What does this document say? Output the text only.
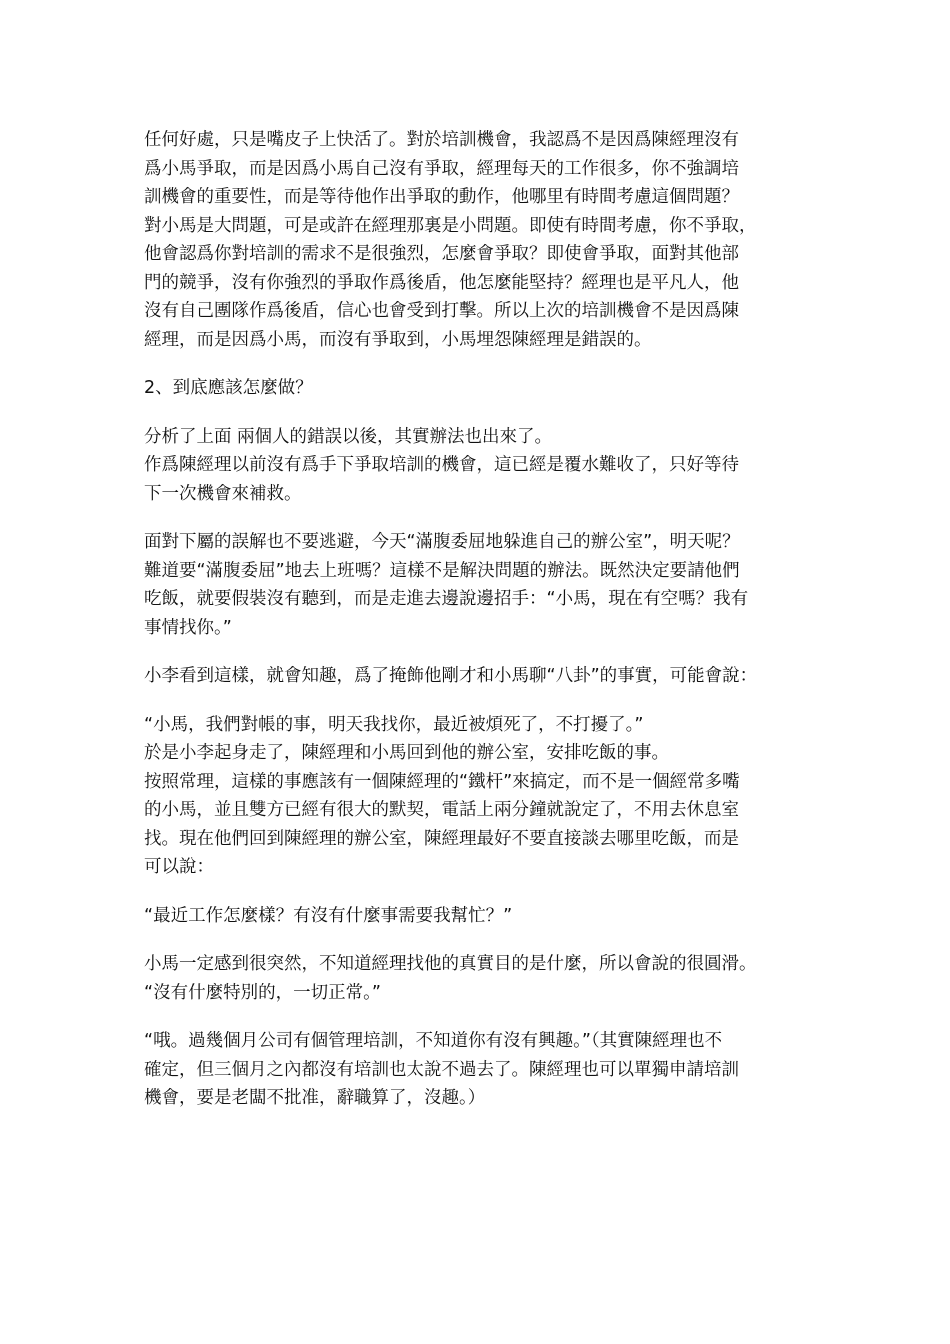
任何好處，只是嘴皮子上快活了。對於培訓機會，我認爲不是因爲陳經理沒有
爲小馬爭取，而是因爲小馬自己沒有爭取，經理每天的工作很多，你不強調培
訓機會的重要性，而是等待他作出爭取的動作，他哪里有時間考慮這個問題？
對小馬是大問題，可是或許在經理那裏是小問題。即使有時間考慮，你不爭取，
他會認爲你對培訓的需求不是很強烈，怎麼會爭取？即使會爭取，面對其他部
門的競爭，沒有你強烈的爭取作爲後盾，他怎麼能堅持？經理也是平凡人，他
沒有自己團隊作爲後盾，信心也會受到打擊。所以上次的培訓機會不是因爲陳
經理，而是因爲小馬，而沒有爭取到，小馬埋怨陳經理是錯誤的。
2、到底應該怎麼做？
分析了上面 兩個人的錯誤以後，其實辦法也出來了。
作爲陳經理以前沒有爲手下爭取培訓的機會，這已經是覆水難收了，只好等待
下一次機會來補救。
面對下屬的誤解也不要逃避，今天“滿腹委屈地躲進自己的辦公室”，明天呢？
難道要“滿腹委屈”地去上班嗎？這樣不是解決問題的辦法。既然決定要請他們
吃飯，就要假裝沒有聽到，而是走進去邊說邊招手：“小馬，現在有空嗎？我有
事情找你。”
小李看到這樣，就會知趣，爲了掩飾他剛才和小馬聊“八卦”的事實，可能會說：
“小馬，我們對帳的事，明天我找你，最近被煩死了，不打擾了。”
於是小李起身走了，陳經理和小馬回到他的辦公室，安排吃飯的事。
按照常理，這樣的事應該有一個陳經理的“鐵杆”來搞定，而不是一個經常多嘴
的小馬，並且雙方已經有很大的默契，電話上兩分鐘就說定了，不用去休息室
找。現在他們回到陳經理的辦公室，陳經理最好不要直接談去哪里吃飯，而是
可以說：
“最近工作怎麼樣？有沒有什麼事需要我幫忙？”
小馬一定感到很突然，不知道經理找他的真實目的是什麼，所以會說的很圓滑。
“沒有什麼特別的，一切正常。”
“哦。過幾個月公司有個管理培訓，不知道你有沒有興趣。”（其實陳經理也不
確定，但三個月之內都沒有培訓也太說不過去了。陳經理也可以單獨申請培訓
機會，要是老闆不批准，辭職算了，沒趣。）
